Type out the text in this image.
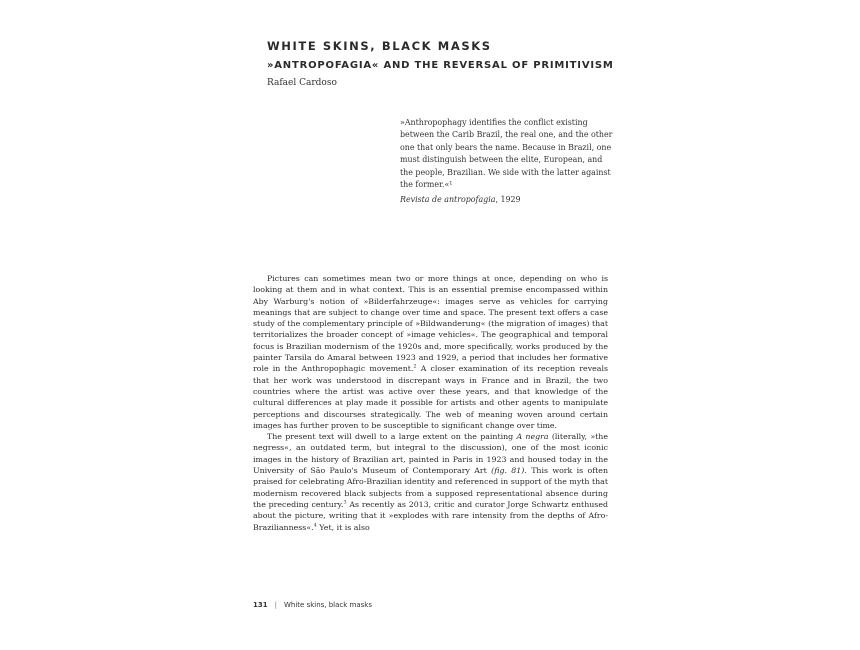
WHITE SKINS, BLACK MASKS
»ANTROPOFAGIA« AND THE REVERSAL OF PRIMITIVISM
Rafael Cardoso

»Anthropophagy identifies the conflict existing between the Carib Brazil, the real one, and the other one that only bears the name. Because in Brazil, one must distinguish between the elite, European, and the people, Brazilian. We side with the latter against the former.«¹

Revista de antropofagia, 1929

Pictures can sometimes mean two or more things at once, depending on who is looking at them and in what context. This is an essential premise encompassed within Aby Warburg's notion of »Bilderfahrzeuge«: images serve as vehicles for carrying meanings that are subject to change over time and space. The present text offers a case study of the complementary principle of »Bildwanderung« (the migration of images) that territorializes the broader concept of »image vehicles«. The geographical and temporal focus is Brazilian modernism of the 1920s and, more specifically, works produced by the painter Tarsila do Amaral between 1923 and 1929, a period that includes her formative role in the Anthropophagic movement.$^2$ A closer examination of its reception reveals that her work was understood in discrepant ways in France and in Brazil, the two countries where the artist was active over these years, and that knowledge of the cultural differences at play made it possible for artists and other agents to manipulate perceptions and discourses strategically. The web of meaning woven around certain images has further proven to be susceptible to significant change over time.

The present text will dwell to a large extent on the painting A negra (literally, »the negress«, an outdated term, but integral to the discussion), one of the most iconic images in the history of Brazilian art, painted in Paris in 1923 and housed today in the University of São Paulo's Museum of Contemporary Art (fig. 81). This work is often praised for celebrating Afro-Brazilian identity and referenced in support of the myth that modernism recovered black subjects from a supposed representational absence during the preceding century.$^3$ As recently as 2013, critic and curator Jorge Schwartz enthused about the picture, writing that it »explodes with rare intensity from the depths of Afro-Brazilianness«.$^4$ Yet, it is also

131 | White skins, black masks
